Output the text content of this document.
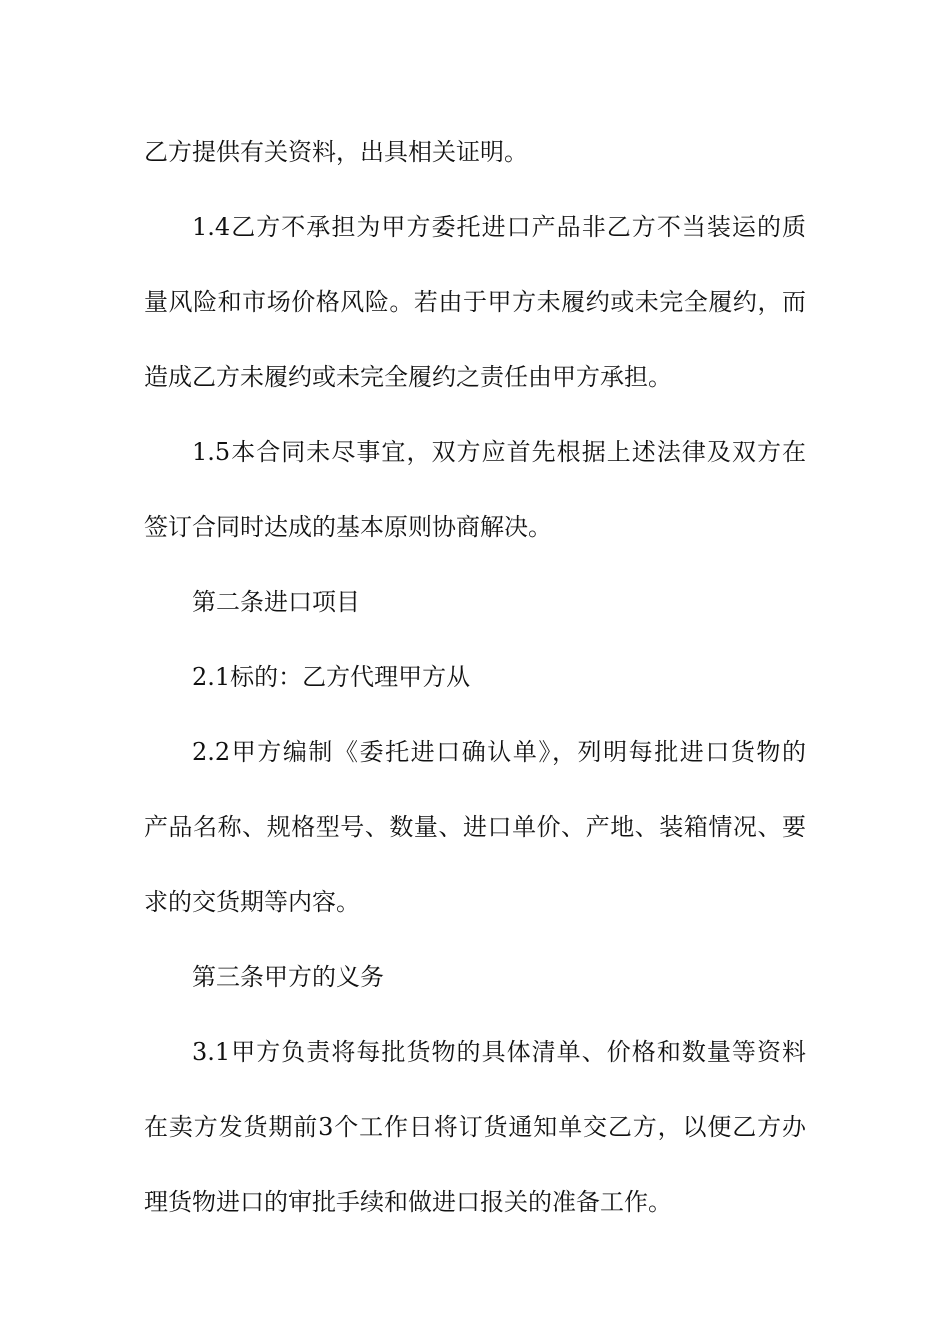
乙方提供有关资料，出具相关证明。
1.4乙方不承担为甲方委托进口产品非乙方不当装运的质
量风险和市场价格风险。若由于甲方未履约或未完全履约，而
造成乙方未履约或未完全履约之责任由甲方承担。
1.5本合同未尽事宜，双方应首先根据上述法律及双方在
签订合同时达成的基本原则协商解决。
第二条进口项目
2.1标的：乙方代理甲方从
2.2甲方编制《委托进口确认单》，列明每批进口货物的
产品名称、规格型号、数量、进口单价、产地、装箱情况、要
求的交货期等内容。
第三条甲方的义务
3.1甲方负责将每批货物的具体清单、价格和数量等资料
在卖方发货期前3个工作日将订货通知单交乙方，以便乙方办
理货物进口的审批手续和做进口报关的准备工作。
